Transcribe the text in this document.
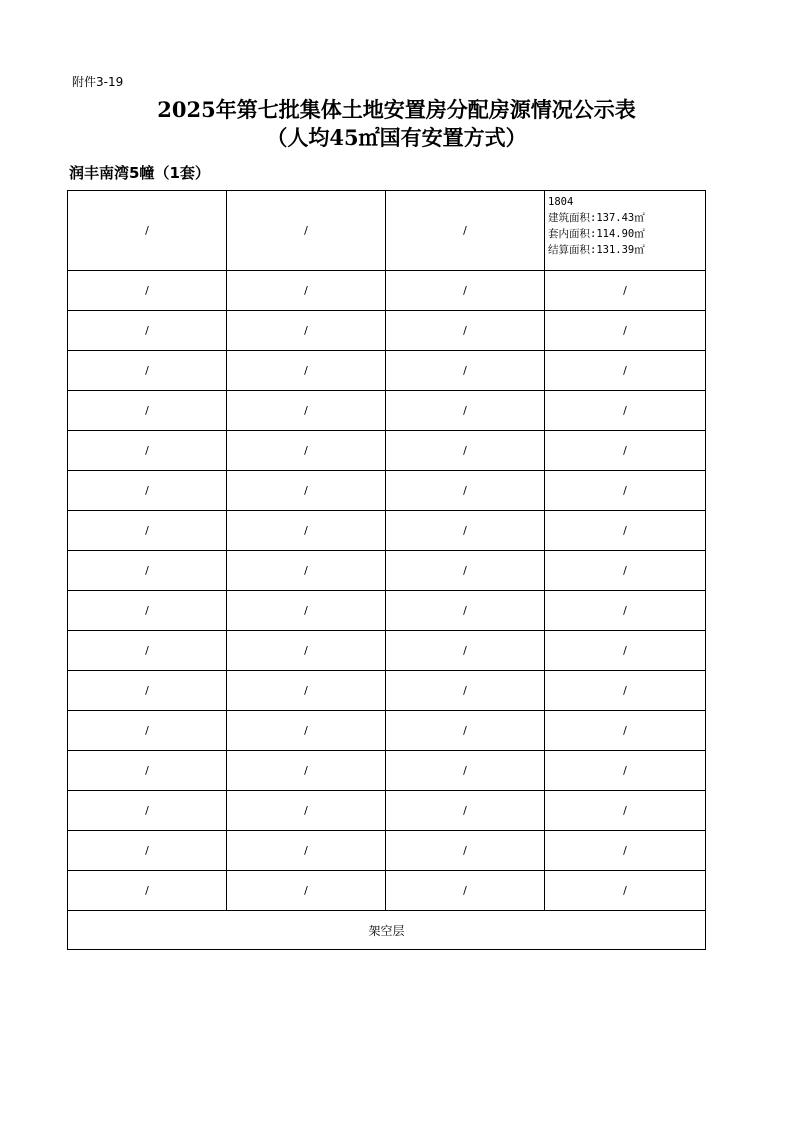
附件3-19
2025年第七批集体土地安置房分配房源情况公示表
（人均45㎡国有安置方式）
润丰南湾5幢（1套）
/	/	/	1804
建筑面积:137.43㎡
套内面积:114.90㎡
结算面积:131.39㎡

/	/	/	/
/	/	/	/
/	/	/	/
/	/	/	/
/	/	/	/
/	/	/	/
/	/	/	/
/	/	/	/
/	/	/	/
/	/	/	/
/	/	/	/
/	/	/	/
/	/	/	/
/	/	/	/
/	/	/	/
/	/	/	/
架空层			
